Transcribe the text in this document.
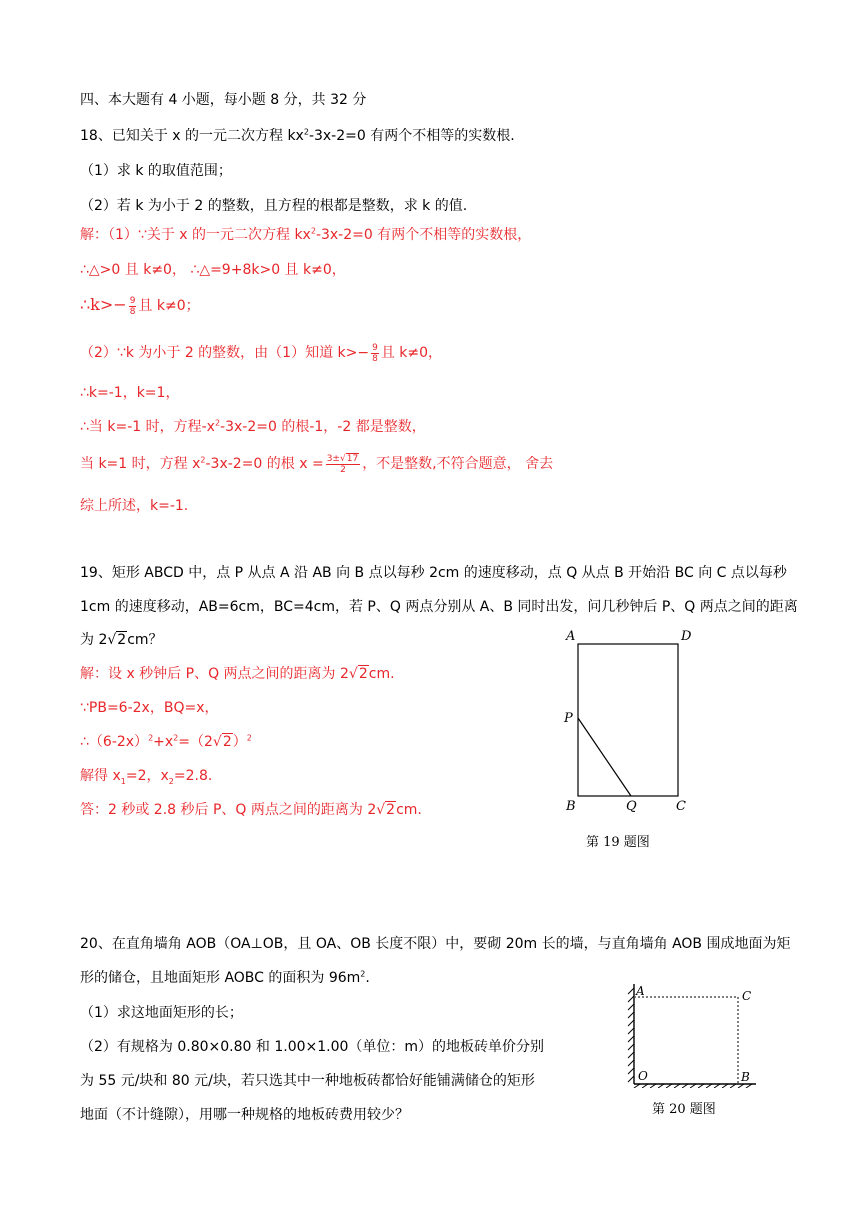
四、本大题有 4 小题，每小题 8 分，共 32 分
18、已知关于 x 的一元二次方程 $kx^2-3x-2=0$ 有两个不相等的实数根.
（1）求 k 的取值范围；
（2）若 k 为小于 2 的整数，且方程的根都是整数，求 k 的值.
解：（1）∵关于 x 的一元二次方程 $kx^2-3x-2=0$ 有两个不相等的实数根，
∴△>0 且 k≠0， ∴△=9+8k>0 且 k≠0，
∴k>− $\frac{9}{8}$ 且 k≠0；
（2）∵k 为小于 2 的整数，由（1）知道 $k>- \frac{9}{8}$ 且 k≠0，
∴k=-1，k=1，
∴当 k=-1 时，方程$-x^2-3x-2=0$ 的根-1，-2 都是整数，
当 k=1 时，方程 $x^2-3x-2=0$ 的根 $x = \frac{3\pm√17}{2}$ ，不是整数,不符合题意， 舍去
综上所述，k=-1.
19、矩形 ABCD 中，点 P 从点 A 沿 AB 向 B 点以每秒 2cm 的速度移动，点 Q 从点 B 开始沿 BC 向 C 点以每秒
1cm 的速度移动，AB=6cm，BC=4cm，若 P、Q 两点分别从 A、B 同时出发，问几秒钟后 P、Q 两点之间的距离
为 2√2cm？
解：设 x 秒钟后 P、Q 两点之间的距离为 2√2cm.
∵PB=6-2x，BQ=x，
$\therefore(6-2x)^2+x^2=(2√2)^2$
解得 $x_1=2$，$x_2=2.8$.
答：2 秒或 2.8 秒后 P、Q 两点之间的距离为 2√2cm.
A	D
P
B	Q	C
第 19 题图
20、在直角墙角 AOB（OA⊥OB，且 OA、OB 长度不限）中，要砌 20m 长的墙，与直角墙角 AOB 围成地面为矩
形的储仓，且地面矩形 AOBC 的面积为 $96m^2$.
（1）求这地面矩形的长；
（2）有规格为 0.80×0.80 和 1.00×1.00（单位：m）的地板砖单价分别
为 55 元/块和 80 元/块，若只选其中一种地板砖都恰好能铺满储仓的矩形
地面（不计缝隙），用哪一种规格的地板砖费用较少？
A	C
O	B
第 20 题图
